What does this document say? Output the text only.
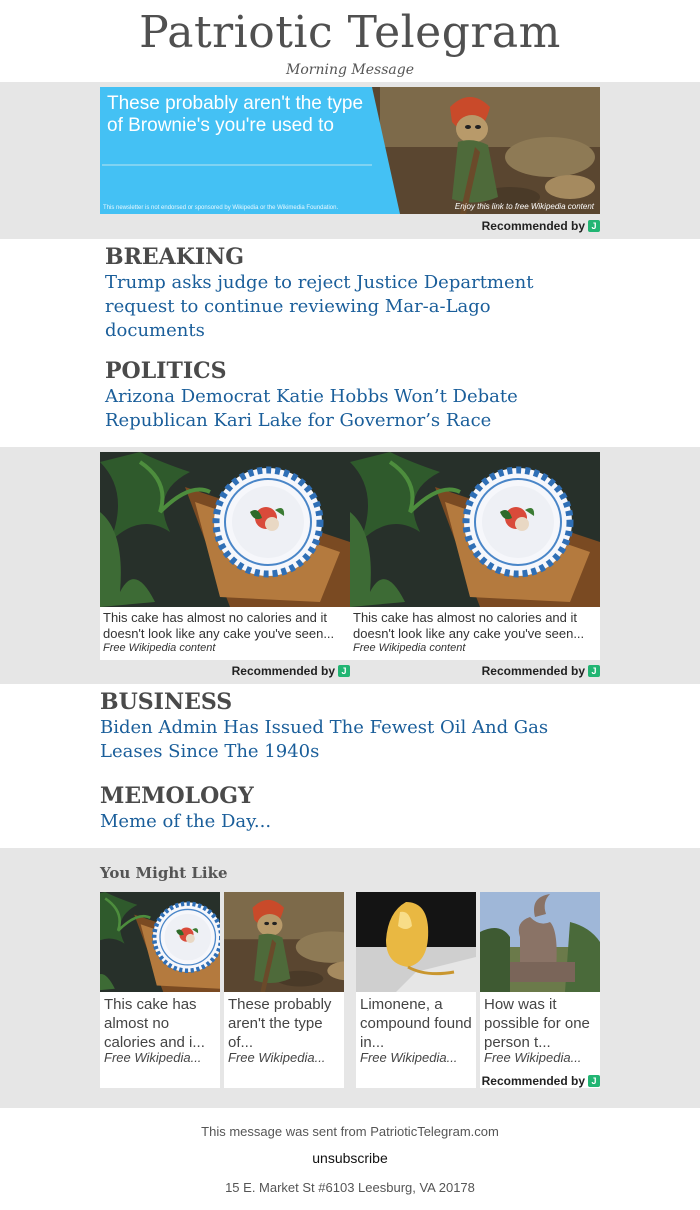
Patriotic Telegram
Morning Message
These probably aren't the type of Brownie's you're used to
This newsletter is not endorsed or sponsored by Wikipedia or the Wikimedia Foundation.	Enjoy this link to free Wikipedia content
Recommended by J
BREAKING
Trump asks judge to reject Justice Department request to continue reviewing Mar-a-Lago documents
POLITICS
Arizona Democrat Katie Hobbs Won’t Debate Republican Kari Lake for Governor’s Race
This cake has almost no calories and it doesn't look like any cake you've seen...
Free Wikipedia content
This cake has almost no calories and it doesn't look like any cake you've seen...
Free Wikipedia content
Recommended by J	Recommended by J
BUSINESS
Biden Admin Has Issued The Fewest Oil And Gas Leases Since The 1940s
MEMOLOGY
Meme of the Day...
You Might Like
This cake has almost no calories and i...
Free Wikipedia...
These probably aren't the type of...
Free Wikipedia...
Limonene, a compound found in...
Free Wikipedia...
How was it possible for one person t...
Free Wikipedia...
Recommended by J
This message was sent from PatrioticTelegram.com
unsubscribe
15 E. Market St #6103 Leesburg, VA 20178
